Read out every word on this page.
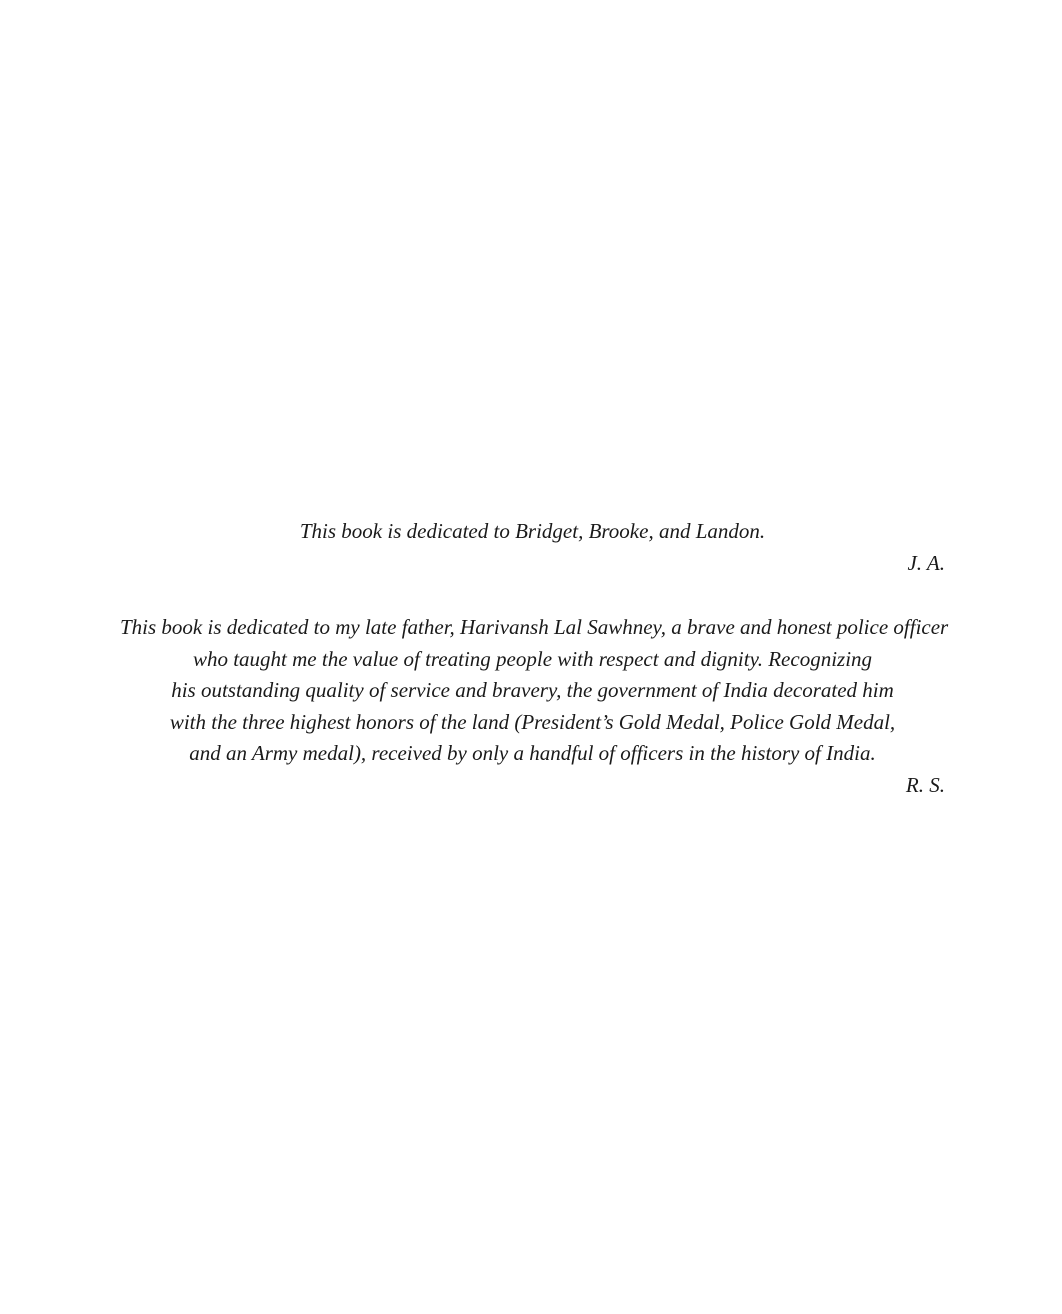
This book is dedicated to Bridget, Brooke, and Landon.
J. A.
This book is dedicated to my late father, Harivansh Lal Sawhney, a brave and honest police officer
who taught me the value of treating people with respect and dignity. Recognizing
his outstanding quality of service and bravery, the government of India decorated him
with the three highest honors of the land (President’s Gold Medal, Police Gold Medal,
and an Army medal), received by only a handful of officers in the history of India.
R. S.
